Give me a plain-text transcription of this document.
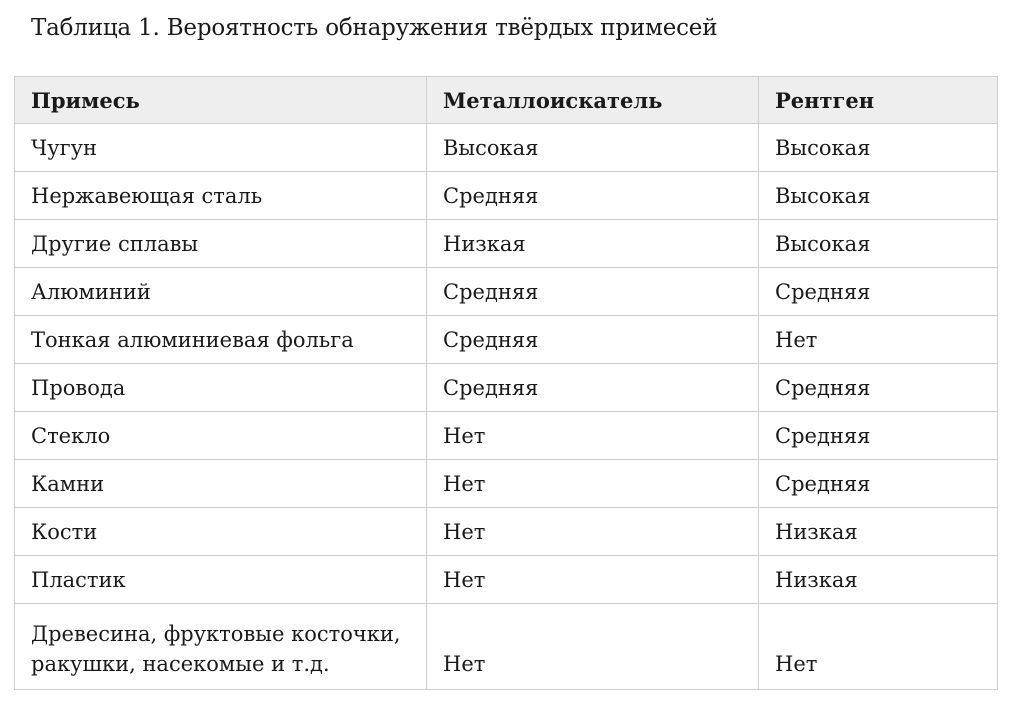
Таблица 1. Вероятность обнаружения твёрдых примесей
Примесь	Металлоискатель	Рентген
Чугун	Высокая	Высокая
Нержавеющая сталь	Средняя	Высокая
Другие сплавы	Низкая	Высокая
Алюминий	Средняя	Средняя
Тонкая алюминиевая фольга	Средняя	Нет
Провода	Средняя	Средняя
Стекло	Нет	Средняя
Камни	Нет	Средняя
Кости	Нет	Низкая
Пластик	Нет	Низкая
Древесина, фруктовые косточки, ракушки, насекомые и т.д.	Нет	Нет
